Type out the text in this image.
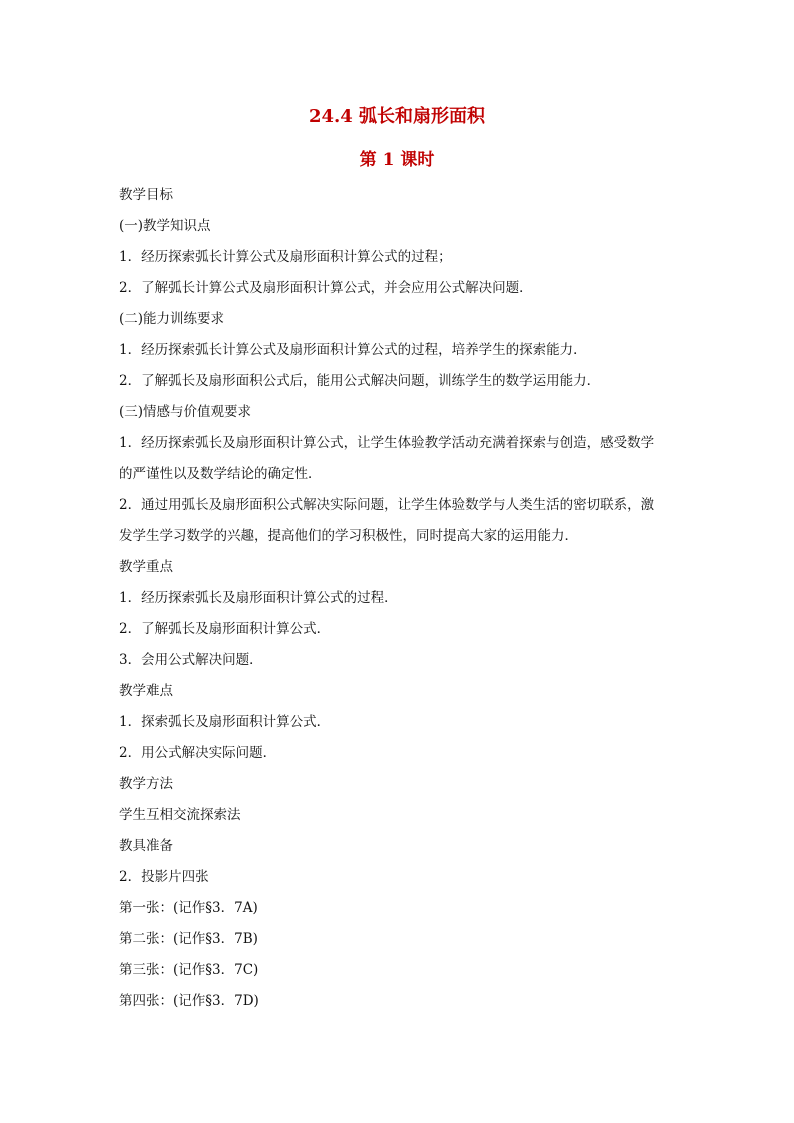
24.4 弧长和扇形面积
第 1 课时
教学目标
(一)教学知识点
1．经历探索弧长计算公式及扇形面积计算公式的过程；
2．了解弧长计算公式及扇形面积计算公式，并会应用公式解决问题．
(二)能力训练要求
1．经历探索弧长计算公式及扇形面积计算公式的过程，培养学生的探索能力．
2．了解弧长及扇形面积公式后，能用公式解决问题，训练学生的数学运用能力．
(三)情感与价值观要求
1．经历探索弧长及扇形面积计算公式，让学生体验教学活动充满着探索与创造，感受数学
的严谨性以及数学结论的确定性．
2．通过用弧长及扇形面积公式解决实际问题，让学生体验数学与人类生活的密切联系，激
发学生学习数学的兴趣，提高他们的学习积极性，同时提高大家的运用能力．
教学重点
1．经历探索弧长及扇形面积计算公式的过程．
2．了解弧长及扇形面积计算公式．
3．会用公式解决问题．
教学难点
1．探索弧长及扇形面积计算公式．
2．用公式解决实际问题．
教学方法
学生互相交流探索法
教具准备
2．投影片四张
第一张：(记作§3．7A)
第二张：(记作§3．7B)
第三张：(记作§3．7C)
第四张：(记作§3．7D)
